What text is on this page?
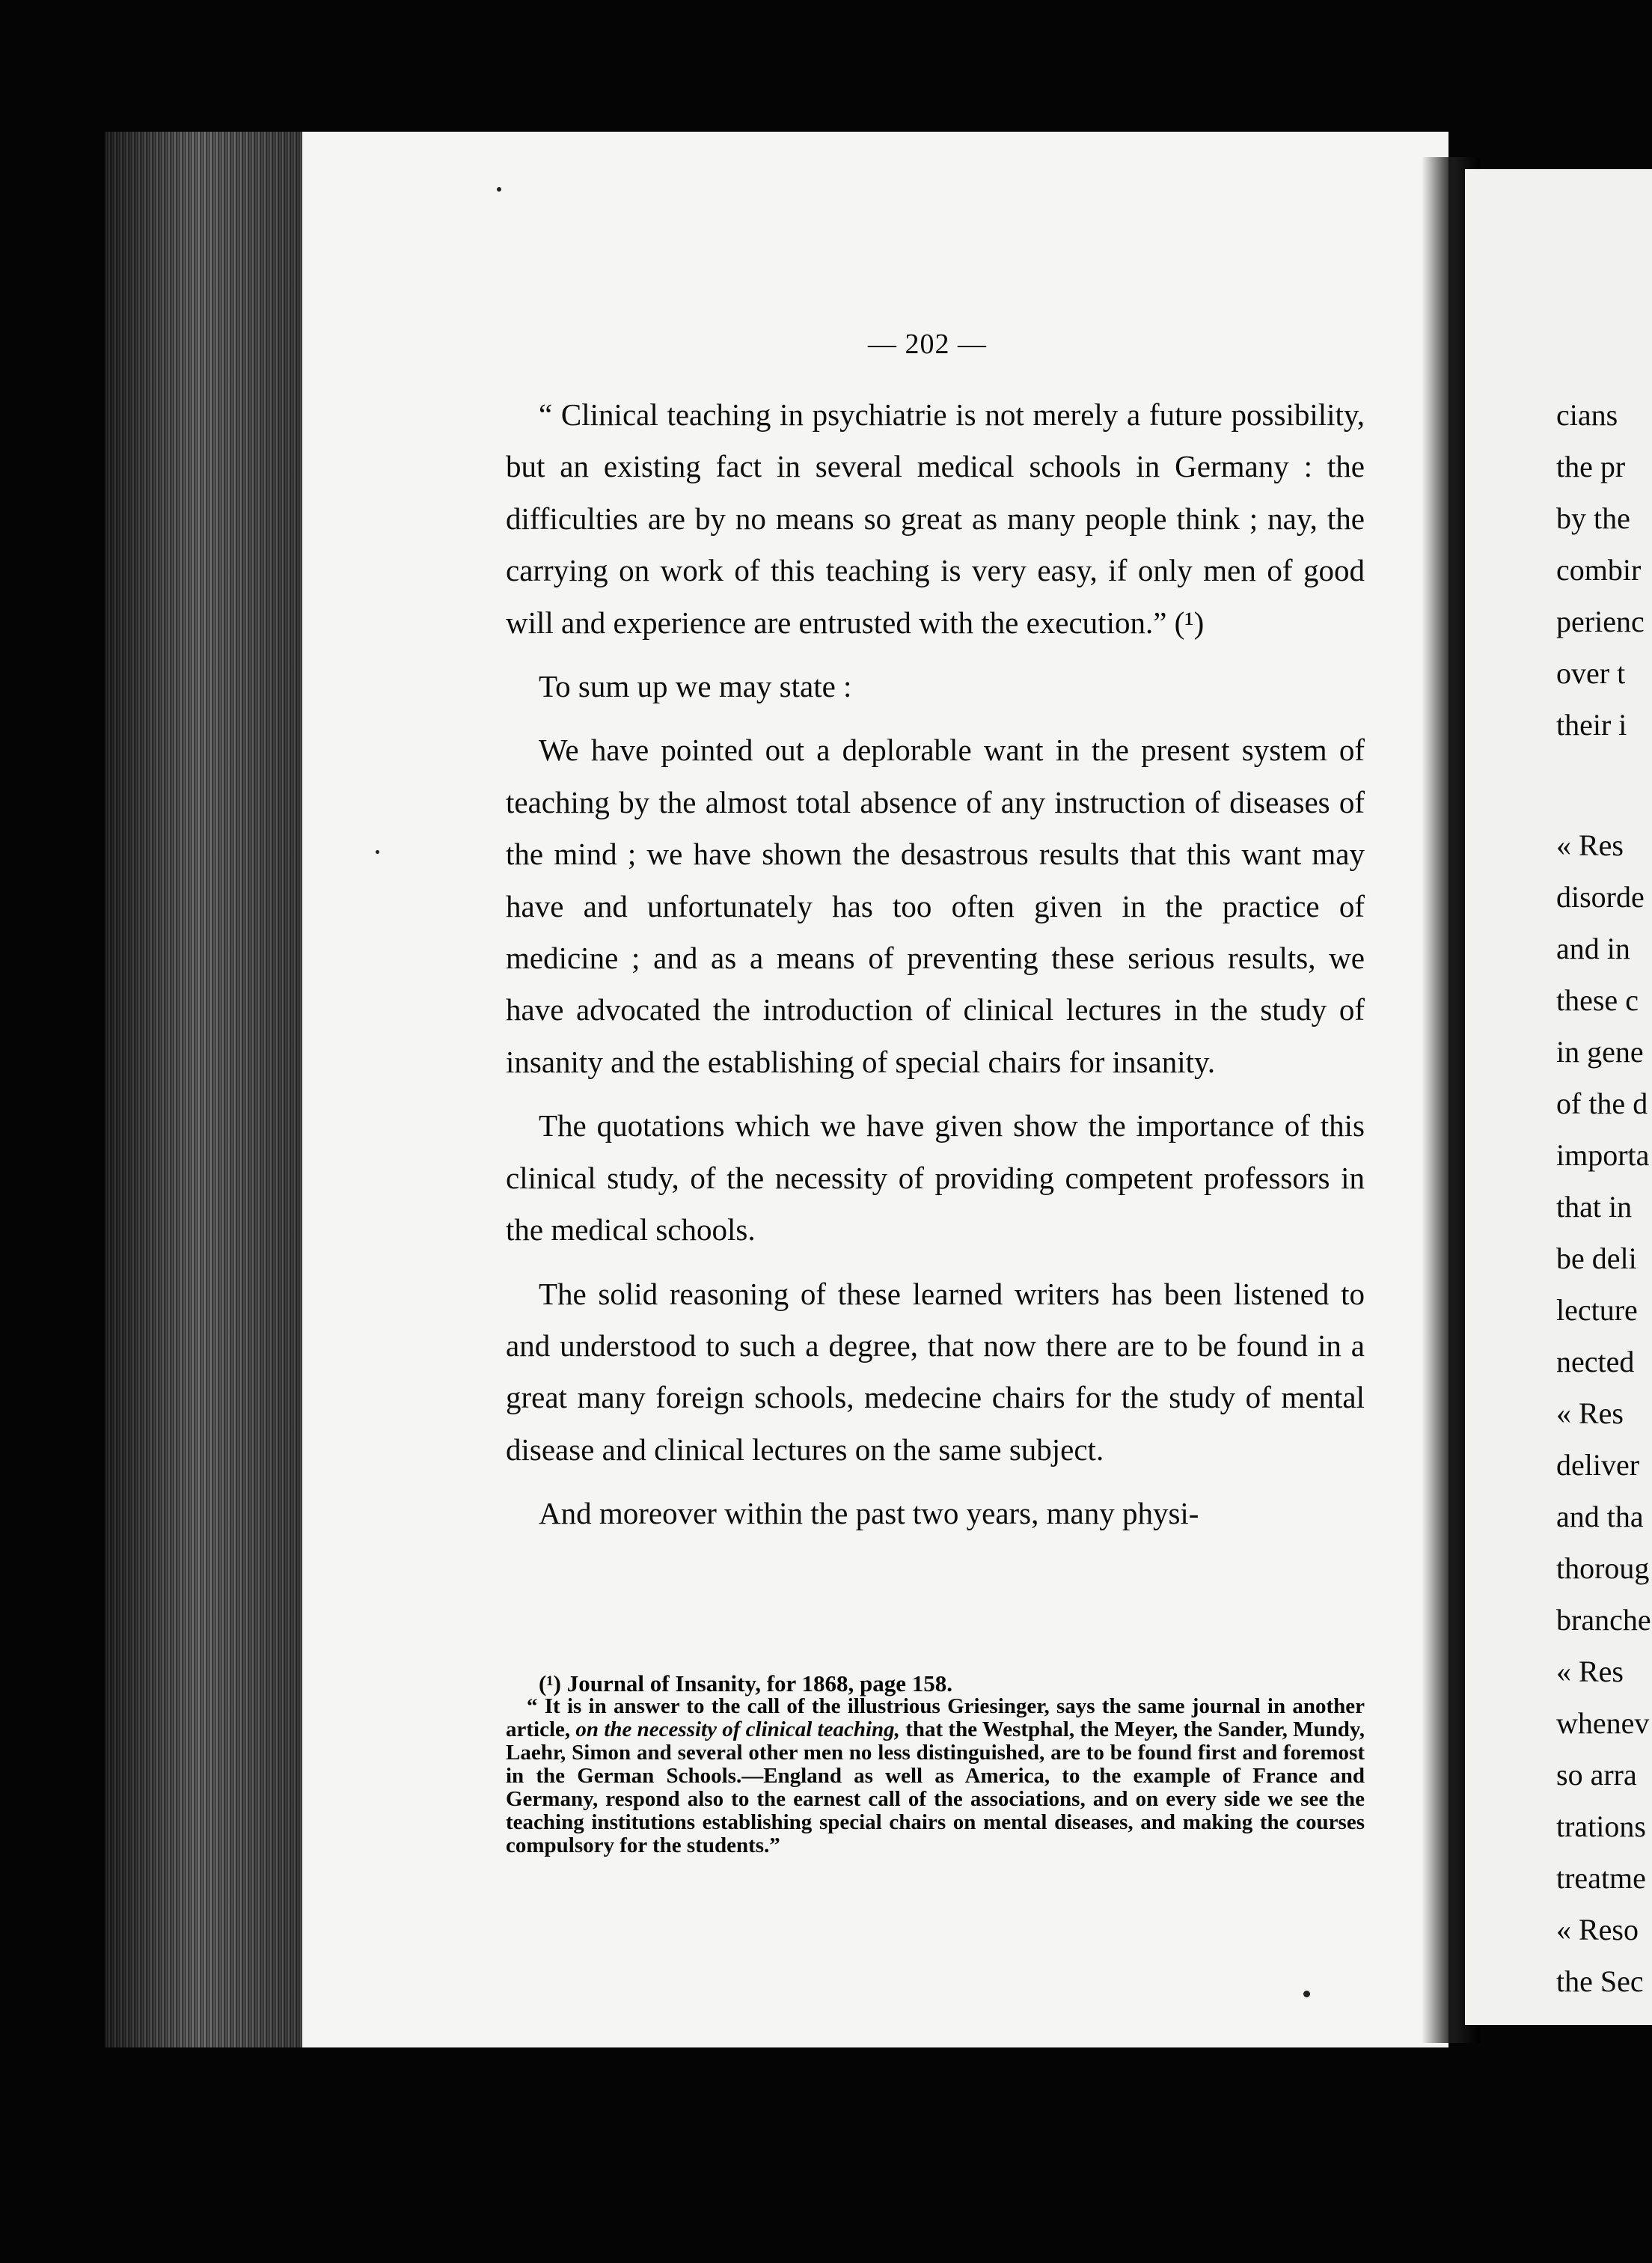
— 202 —

“ Clinical teaching in psychiatrie is not merely a future possibility, but an existing fact in several medical schools in Germany : the difficulties are by no means so great as many people think ; nay, the carrying on work of this teaching is very easy, if only men of good will and experience are entrusted with the execution.” (¹)

To sum up we may state :

We have pointed out a deplorable want in the present system of teaching by the almost total absence of any instruction of diseases of the mind ; we have shown the desastrous results that this want may have and unfortunately has too often given in the practice of medicine ; and as a means of preventing these serious results, we have advocated the introduction of clinical lectures in the study of insanity and the establishing of special chairs for insanity.

The quotations which we have given show the importance of this clinical study, of the necessity of providing competent professors in the medical schools.

The solid reasoning of these learned writers has been listened to and understood to such a degree, that now there are to be found in a great many foreign schools, medecine chairs for the study of mental disease and clinical lectures on the same subject.

And moreover within the past two years, many physi-

(¹) Journal of Insanity, for 1868, page 158.

“ It is in answer to the call of the illustrious Griesinger, says the same journal in another article, on the necessity of clinical teaching, that the Westphal, the Meyer, the Sander, Mundy, Laehr, Simon and several other men no less distinguished, are to be found first and foremost in the German Schools.—England as well as America, to the example of France and Germany, respond also to the earnest call of the associations, and on every side we see the teaching institutions establishing special chairs on mental diseases, and making the courses compulsory for the students.”

cians
the pr
by the
combir
perienc
over t
their i
« Res
disorde
and in
these c
in gene
of the d
importa
that in
be deli
lecture
nected
« Res
deliver
and tha
thoroug
branche
« Res
whenev
so arra
trations
treatme
« Reso
the Sec
